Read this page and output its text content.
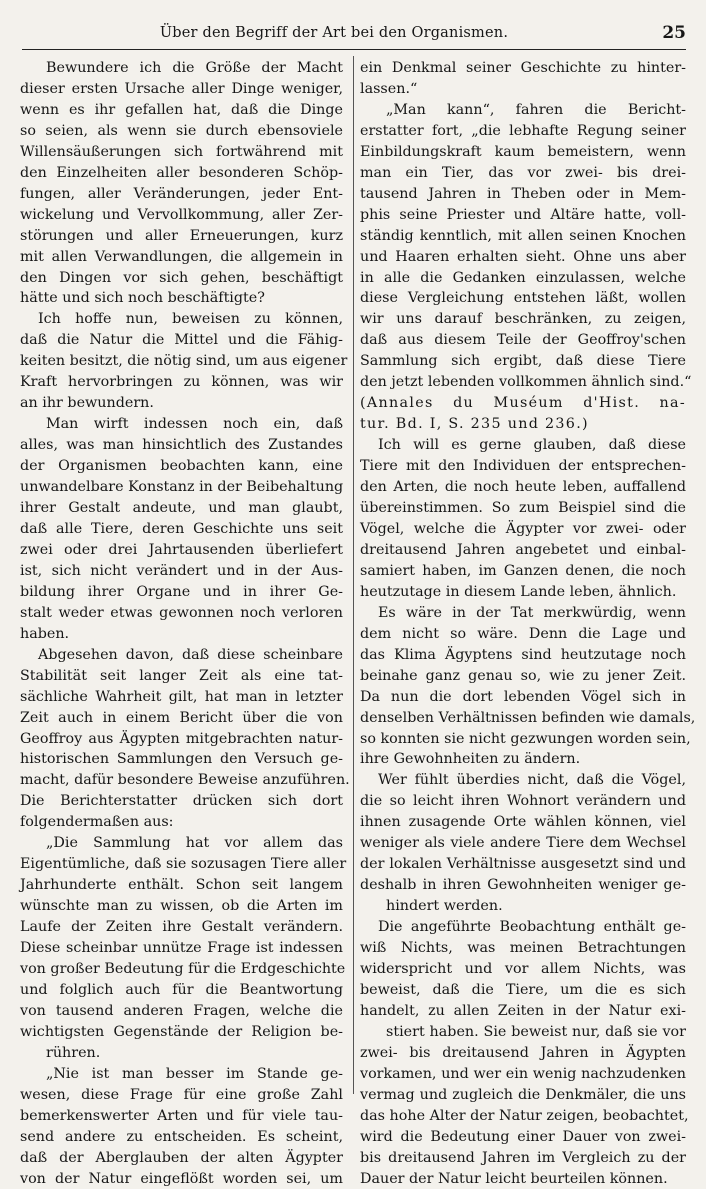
Über den Begriff der Art bei den Organismen.	25
Bewundere ich die Größe der Macht
dieser ersten Ursache aller Dinge weniger,
wenn es ihr gefallen hat, daß die Dinge
so seien, als wenn sie durch ebensoviele
Willensäußerungen sich fortwährend mit
den Einzelheiten aller besonderen Schöp-
fungen, aller Veränderungen, jeder Ent-
wickelung und Vervollkommung, aller Zer-
störungen und aller Erneuerungen, kurz
mit allen Verwandlungen, die allgemein in
den Dingen vor sich gehen, beschäftigt
hätte und sich noch beschäftigte?
Ich hoffe nun, beweisen zu können,
daß die Natur die Mittel und die Fähig-
keiten besitzt, die nötig sind, um aus eigener
Kraft hervorbringen zu können, was wir
an ihr bewundern.
Man wirft indessen noch ein, daß
alles, was man hinsichtlich des Zustandes
der Organismen beobachten kann, eine
unwandelbare Konstanz in der Beibehaltung
ihrer Gestalt andeute, und man glaubt,
daß alle Tiere, deren Geschichte uns seit
zwei oder drei Jahrtausenden überliefert
ist, sich nicht verändert und in der Aus-
bildung ihrer Organe und in ihrer Ge-
stalt weder etwas gewonnen noch verloren
haben.
Abgesehen davon, daß diese scheinbare
Stabilität seit langer Zeit als eine tat-
sächliche Wahrheit gilt, hat man in letzter
Zeit auch in einem Bericht über die von
Geoffroy aus Ägypten mitgebrachten natur-
historischen Sammlungen den Versuch ge-
macht, dafür besondere Beweise anzuführen.
Die Berichterstatter drücken sich dort
folgendermaßen aus:
„Die Sammlung hat vor allem das
Eigentümliche, daß sie sozusagen Tiere aller
Jahrhunderte enthält. Schon seit langem
wünschte man zu wissen, ob die Arten im
Laufe der Zeiten ihre Gestalt verändern.
Diese scheinbar unnütze Frage ist indessen
von großer Bedeutung für die Erdgeschichte
und folglich auch für die Beantwortung
von tausend anderen Fragen, welche die
wichtigsten Gegenstände der Religion be-
rühren.
„Nie ist man besser im Stande ge-
wesen, diese Frage für eine große Zahl
bemerkenswerter Arten und für viele tau-
send andere zu entscheiden. Es scheint,
daß der Aberglauben der alten Ägypter
von der Natur eingeflößt worden sei, um
ein Denkmal seiner Geschichte zu hinter-
lassen.“
„Man kann“, fahren die Bericht-
erstatter fort, „die lebhafte Regung seiner
Einbildungskraft kaum bemeistern, wenn
man ein Tier, das vor zwei- bis drei-
tausend Jahren in Theben oder in Mem-
phis seine Priester und Altäre hatte, voll-
ständig kenntlich, mit allen seinen Knochen
und Haaren erhalten sieht. Ohne uns aber
in alle die Gedanken einzulassen, welche
diese Vergleichung entstehen läßt, wollen
wir uns darauf beschränken, zu zeigen,
daß aus diesem Teile der Geoffroy'schen
Sammlung sich ergibt, daß diese Tiere
den jetzt lebenden vollkommen ähnlich sind.“
(Annales du Muséum d'Hist. na-
tur. Bd. I, S. 235 und 236.)
Ich will es gerne glauben, daß diese
Tiere mit den Individuen der entsprechen-
den Arten, die noch heute leben, auffallend
übereinstimmen. So zum Beispiel sind die
Vögel, welche die Ägypter vor zwei- oder
dreitausend Jahren angebetet und einbal-
samiert haben, im Ganzen denen, die noch
heutzutage in diesem Lande leben, ähnlich.
Es wäre in der Tat merkwürdig, wenn
dem nicht so wäre. Denn die Lage und
das Klima Ägyptens sind heutzutage noch
beinahe ganz genau so, wie zu jener Zeit.
Da nun die dort lebenden Vögel sich in
denselben Verhältnissen befinden wie damals,
so konnten sie nicht gezwungen worden sein,
ihre Gewohnheiten zu ändern.
Wer fühlt überdies nicht, daß die Vögel,
die so leicht ihren Wohnort verändern und
ihnen zusagende Orte wählen können, viel
weniger als viele andere Tiere dem Wechsel
der lokalen Verhältnisse ausgesetzt sind und
deshalb in ihren Gewohnheiten weniger ge-
hindert werden.
Die angeführte Beobachtung enthält ge-
wiß Nichts, was meinen Betrachtungen
widerspricht und vor allem Nichts, was
beweist, daß die Tiere, um die es sich
handelt, zu allen Zeiten in der Natur exi-
stiert haben. Sie beweist nur, daß sie vor
zwei- bis dreitausend Jahren in Ägypten
vorkamen, und wer ein wenig nachzudenken
vermag und zugleich die Denkmäler, die uns
das hohe Alter der Natur zeigen, beobachtet,
wird die Bedeutung einer Dauer von zwei-
bis dreitausend Jahren im Vergleich zu der
Dauer der Natur leicht beurteilen können.
